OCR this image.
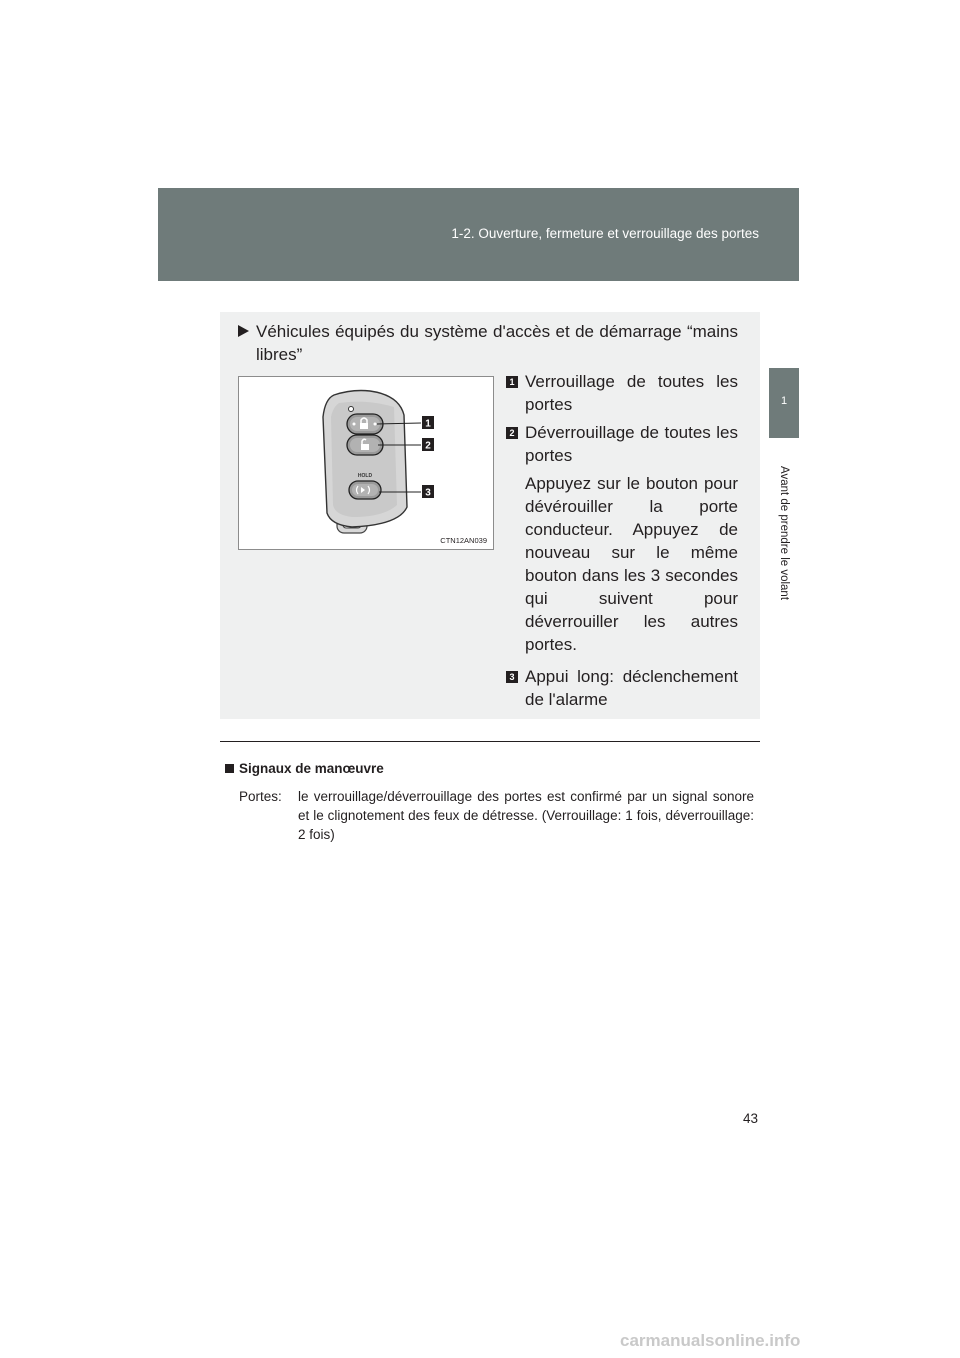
1-2. Ouverture, fermeture et verrouillage des portes
1
Avant de prendre le volant
Véhicules équipés du système d'accès et de démarrage “mains libres”
1
2
3
HOLD
CTN12AN039
1 Verrouillage de toutes les portes
2 Déverrouillage de toutes les portes
Appuyez sur le bouton pour dévérouiller la porte conducteur. Appuyez de nouveau sur le même bouton dans les 3 secondes qui suivent pour déverrouiller les autres portes.
3 Appui long: déclenchement de l'alarme
Signaux de manœuvre
Portes: le verrouillage/déverrouillage des portes est confirmé par un signal sonore et le clignotement des feux de détresse. (Verrouillage: 1 fois, déverrouillage: 2 fois)
43
carmanualsonline.info
